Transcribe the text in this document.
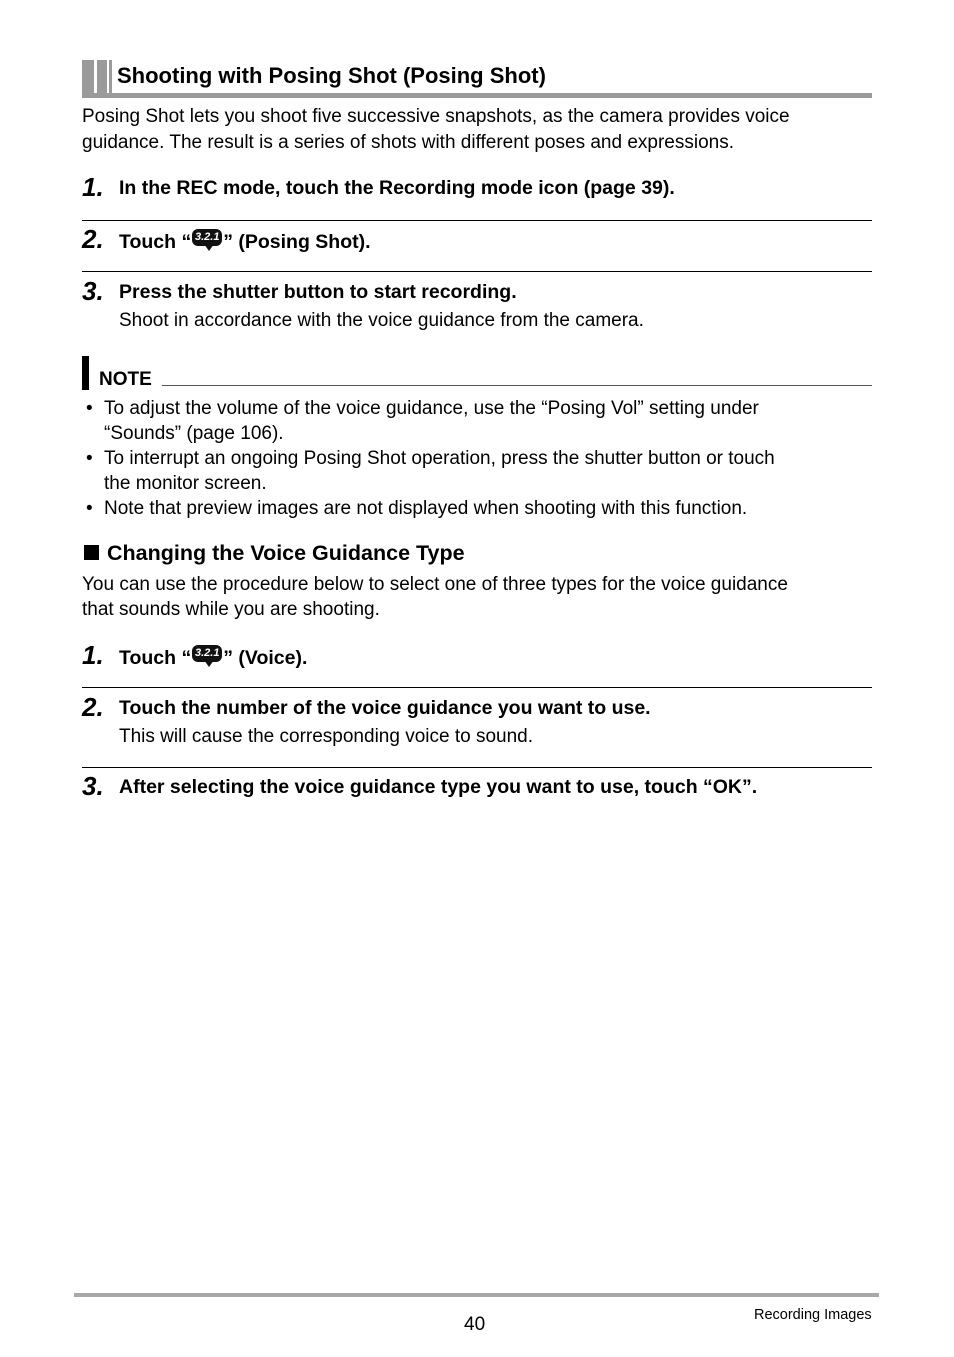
Shooting with Posing Shot (Posing Shot)
Posing Shot lets you shoot five successive snapshots, as the camera provides voice
guidance. The result is a series of shots with different poses and expressions.
1. In the REC mode, touch the Recording mode icon (page 39).
2. Touch “ 3.2.1 ” (Posing Shot).
3. Press the shutter button to start recording.
Shoot in accordance with the voice guidance from the camera.
NOTE
• To adjust the volume of the voice guidance, use the “Posing Vol” setting under
“Sounds” (page 106).
• To interrupt an ongoing Posing Shot operation, press the shutter button or touch
the monitor screen.
• Note that preview images are not displayed when shooting with this function.
Changing the Voice Guidance Type
You can use the procedure below to select one of three types for the voice guidance
that sounds while you are shooting.
1. Touch “ 3.2.1 ” (Voice).
2. Touch the number of the voice guidance you want to use.
This will cause the corresponding voice to sound.
3. After selecting the voice guidance type you want to use, touch “OK”.
40	Recording Images
